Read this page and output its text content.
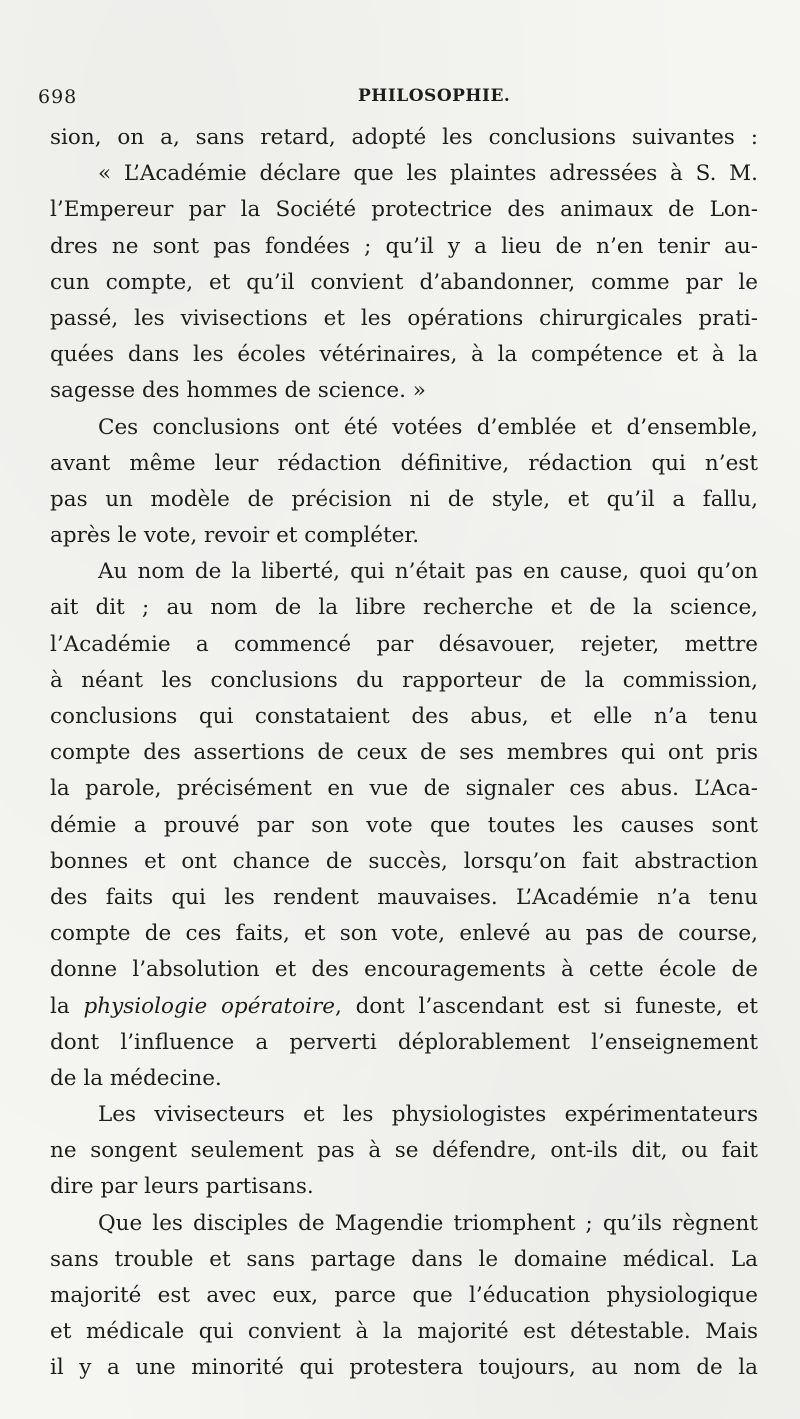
698	PHILOSOPHIE.
sion, on a, sans retard, adopté les conclusions suivantes :
« L’Académie déclare que les plaintes adressées à S. M.
l’Empereur par la Société protectrice des animaux de Lon-
dres ne sont pas fondées ; qu’il y a lieu de n’en tenir au-
cun compte, et qu’il convient d’abandonner, comme par le
passé, les vivisections et les opérations chirurgicales prati-
quées dans les écoles vétérinaires, à la compétence et à la
sagesse des hommes de science. »
Ces conclusions ont été votées d’emblée et d’ensemble,
avant même leur rédaction définitive, rédaction qui n’est
pas un modèle de précision ni de style, et qu’il a fallu,
après le vote, revoir et compléter.
Au nom de la liberté, qui n’était pas en cause, quoi qu’on
ait dit ; au nom de la libre recherche et de la science,
l’Académie a commencé par désavouer, rejeter, mettre
à néant les conclusions du rapporteur de la commission,
conclusions qui constataient des abus, et elle n’a tenu
compte des assertions de ceux de ses membres qui ont pris
la parole, précisément en vue de signaler ces abus. L’Aca-
démie a prouvé par son vote que toutes les causes sont
bonnes et ont chance de succès, lorsqu’on fait abstraction
des faits qui les rendent mauvaises. L’Académie n’a tenu
compte de ces faits, et son vote, enlevé au pas de course,
donne l’absolution et des encouragements à cette école de
la physiologie opératoire, dont l’ascendant est si funeste, et
dont l’influence a perverti déplorablement l’enseignement
de la médecine.
Les vivisecteurs et les physiologistes expérimentateurs
ne songent seulement pas à se défendre, ont-ils dit, ou fait
dire par leurs partisans.
Que les disciples de Magendie triomphent ; qu’ils règnent
sans trouble et sans partage dans le domaine médical. La
majorité est avec eux, parce que l’éducation physiologique
et médicale qui convient à la majorité est détestable. Mais
il y a une minorité qui protestera toujours, au nom de la
